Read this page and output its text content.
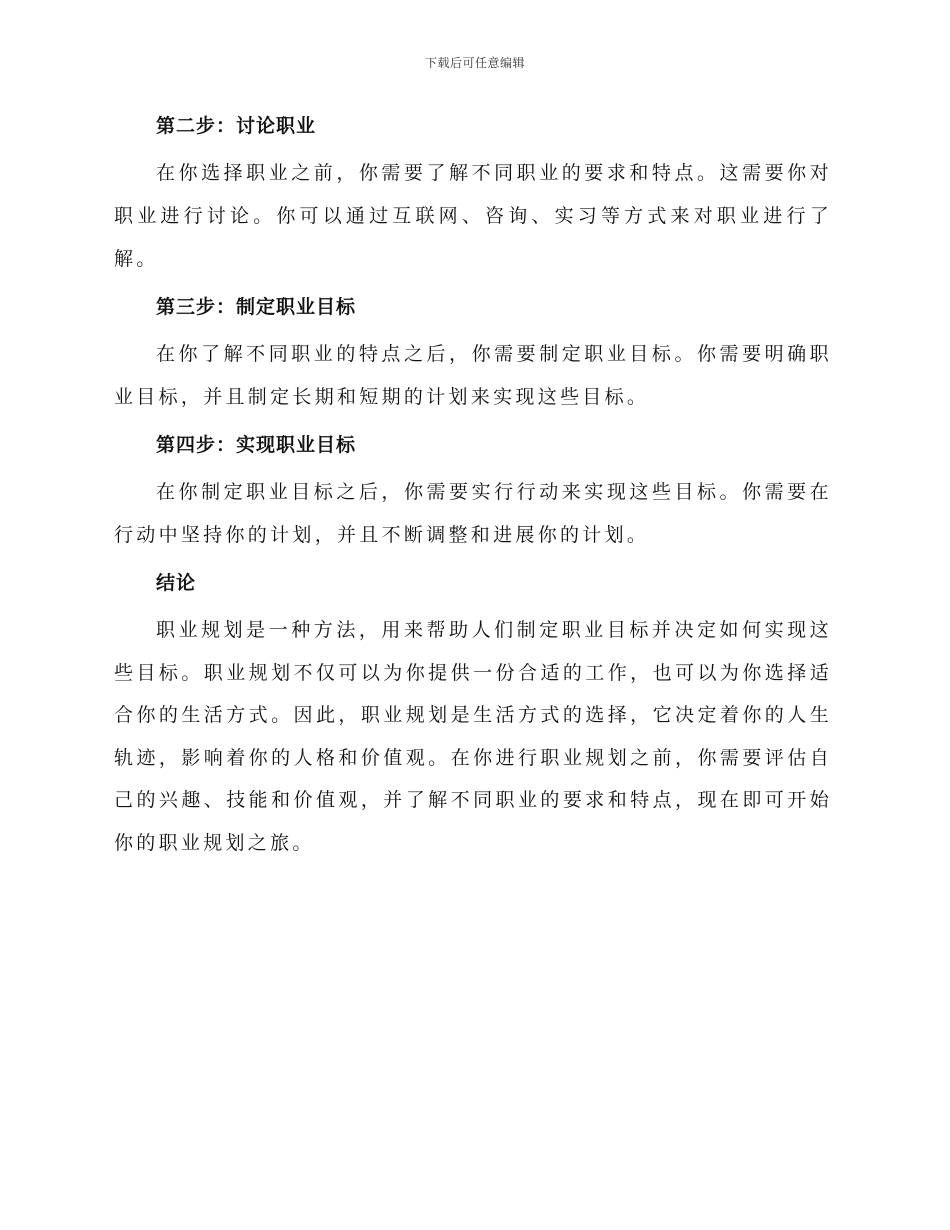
下载后可任意编辑
第二步：讨论职业

在你选择职业之前，你需要了解不同职业的要求和特点。这需要你对职业进行讨论。你可以通过互联网、咨询、实习等方式来对职业进行了解。

第三步：制定职业目标

在你了解不同职业的特点之后，你需要制定职业目标。你需要明确职业目标，并且制定长期和短期的计划来实现这些目标。

第四步：实现职业目标

在你制定职业目标之后，你需要实行行动来实现这些目标。你需要在行动中坚持你的计划，并且不断调整和进展你的计划。

结论

职业规划是一种方法，用来帮助人们制定职业目标并决定如何实现这些目标。职业规划不仅可以为你提供一份合适的工作，也可以为你选择适合你的生活方式。因此，职业规划是生活方式的选择，它决定着你的人生轨迹，影响着你的人格和价值观。在你进行职业规划之前，你需要评估自己的兴趣、技能和价值观，并了解不同职业的要求和特点，现在即可开始你的职业规划之旅。
